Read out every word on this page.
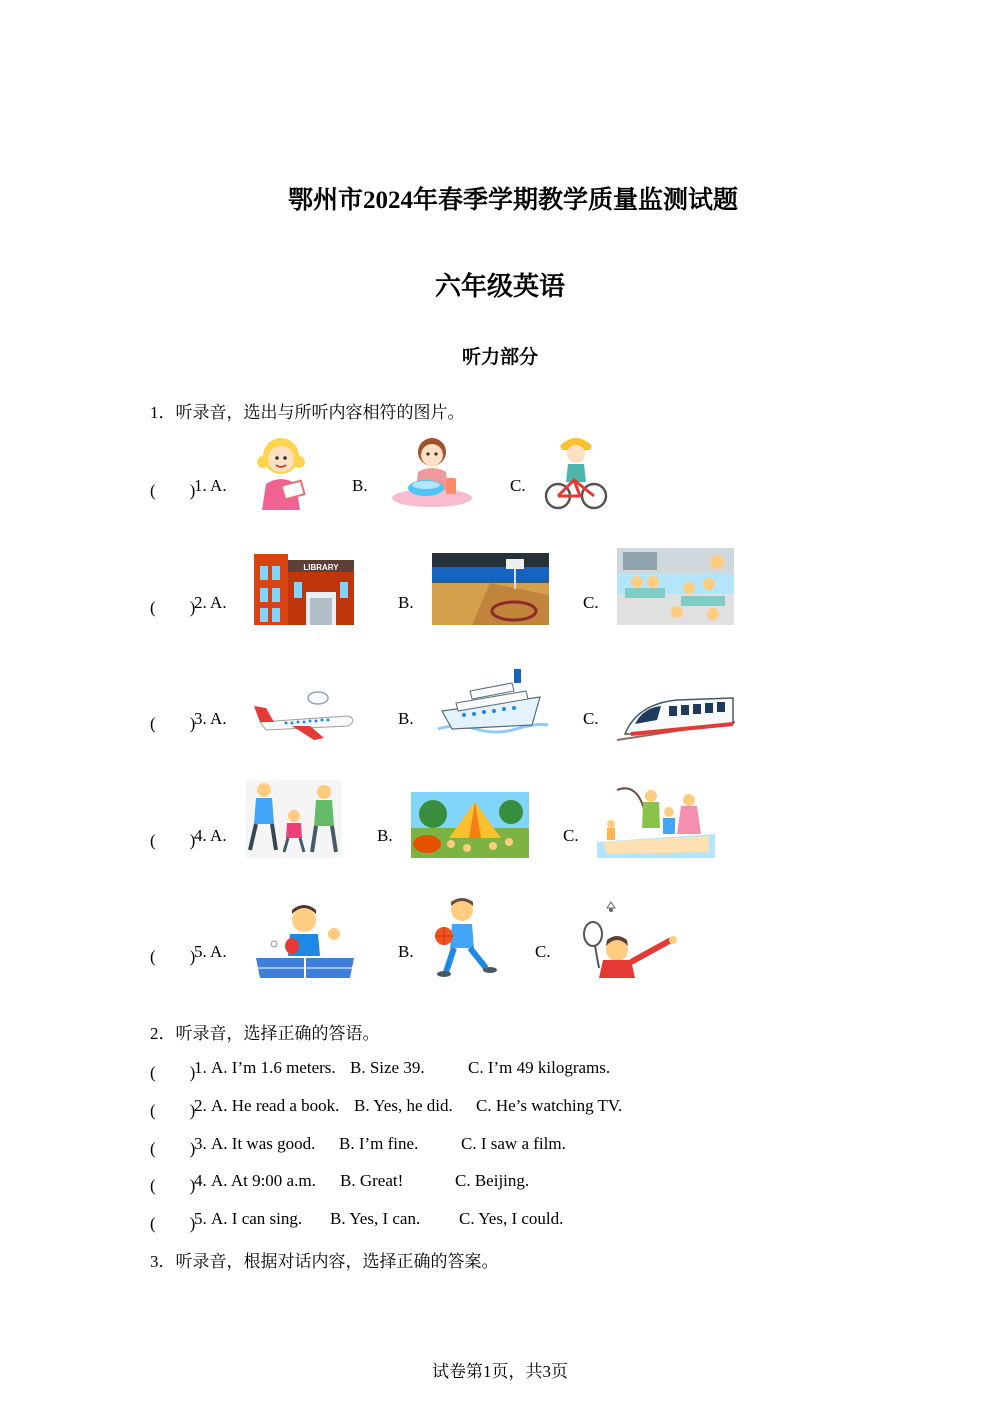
鄂州市2024年春季学期教学质量监测试题
六年级英语
听力部分
1．听录音，选出与所听内容相符的图片。
(　　)
1. A.	B.	C.
(　　)
2. A.
LIBRARY
B.	C.
(　　)
3. A.	B.	C.
(　　)
4. A.	B.	C.
(　　)
5. A.	B.	C.
2．听录音，选择正确的答语。
(　　)
1. A. I’m 1.6 meters. B. Size 39.	C. I’m 49 kilograms.
(　　)
2. A. He read a book. B. Yes, he did. C. He’s watching TV.
(　　)
3. A. It was good. B. I’m fine.	C. I saw a film.
(　　)
4. A. At 9:00 a.m. B. Great!	C. Beijing.
(　　)
5. A. I can sing. B. Yes, I can. C. Yes, I could.
3．听录音，根据对话内容，选择正确的答案。
试卷第1页，共3页
